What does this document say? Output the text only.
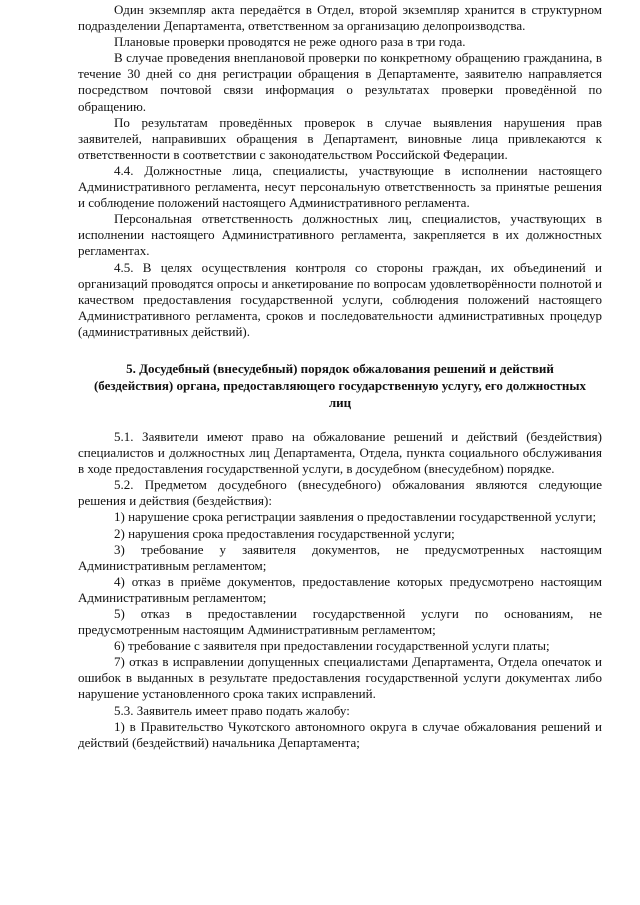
Один экземпляр акта передаётся в Отдел, второй экземпляр хранится в структурном подразделении Департамента, ответственном за организацию делопроизводства.

Плановые проверки проводятся не реже одного раза в три года.

В случае проведения внеплановой проверки по конкретному обращению гражданина, в течение 30 дней со дня регистрации обращения в Департаменте, заявителю направляется посредством почтовой связи информация о результатах проверки проведённой по обращению.

По результатам проведённых проверок в случае выявления нарушения прав заявителей, направивших обращения в Департамент, виновные лица привлекаются к ответственности в соответствии с законодательством Российской Федерации.

4.4. Должностные лица, специалисты, участвующие в исполнении настоящего Административного регламента, несут персональную ответственность за принятые решения и соблюдение положений настоящего Административного регламента.

Персональная ответственность должностных лиц, специалистов, участвующих в исполнении настоящего Административного регламента, закрепляется в их должностных регламентах.

4.5. В целях осуществления контроля со стороны граждан, их объединений и организаций проводятся опросы и анкетирование по вопросам удовлетворённости полнотой и качеством предоставления государственной услуги, соблюдения положений настоящего Административного регламента, сроков и последовательности административных процедур (административных действий).

5. Досудебный (внесудебный) порядок обжалования решений и действий (бездействия) органа, предоставляющего государственную услугу, его должностных лиц

5.1. Заявители имеют право на обжалование решений и действий (бездействия) специалистов и должностных лиц Департамента, Отдела, пункта социального обслуживания в ходе предоставления государственной услуги, в досудебном (внесудебном) порядке.

5.2. Предметом досудебного (внесудебного) обжалования являются следующие решения и действия (бездействия):

1) нарушение срока регистрации заявления о предоставлении государственной услуги;

2) нарушения срока предоставления государственной услуги;

3) требование у заявителя документов, не предусмотренных настоящим Административным регламентом;

4) отказ в приёме документов, предоставление которых предусмотрено настоящим Административным регламентом;

5) отказ в предоставлении государственной услуги по основаниям, не предусмотренным настоящим Административным регламентом;

6) требование с заявителя при предоставлении государственной услуги платы;

7) отказ в исправлении допущенных специалистами Департамента, Отдела опечаток и ошибок в выданных в результате предоставления государственной услуги документах либо нарушение установленного срока таких исправлений.

5.3. Заявитель имеет право подать жалобу:

1) в Правительство Чукотского автономного округа в случае обжалования решений и действий (бездействий) начальника Департамента;
